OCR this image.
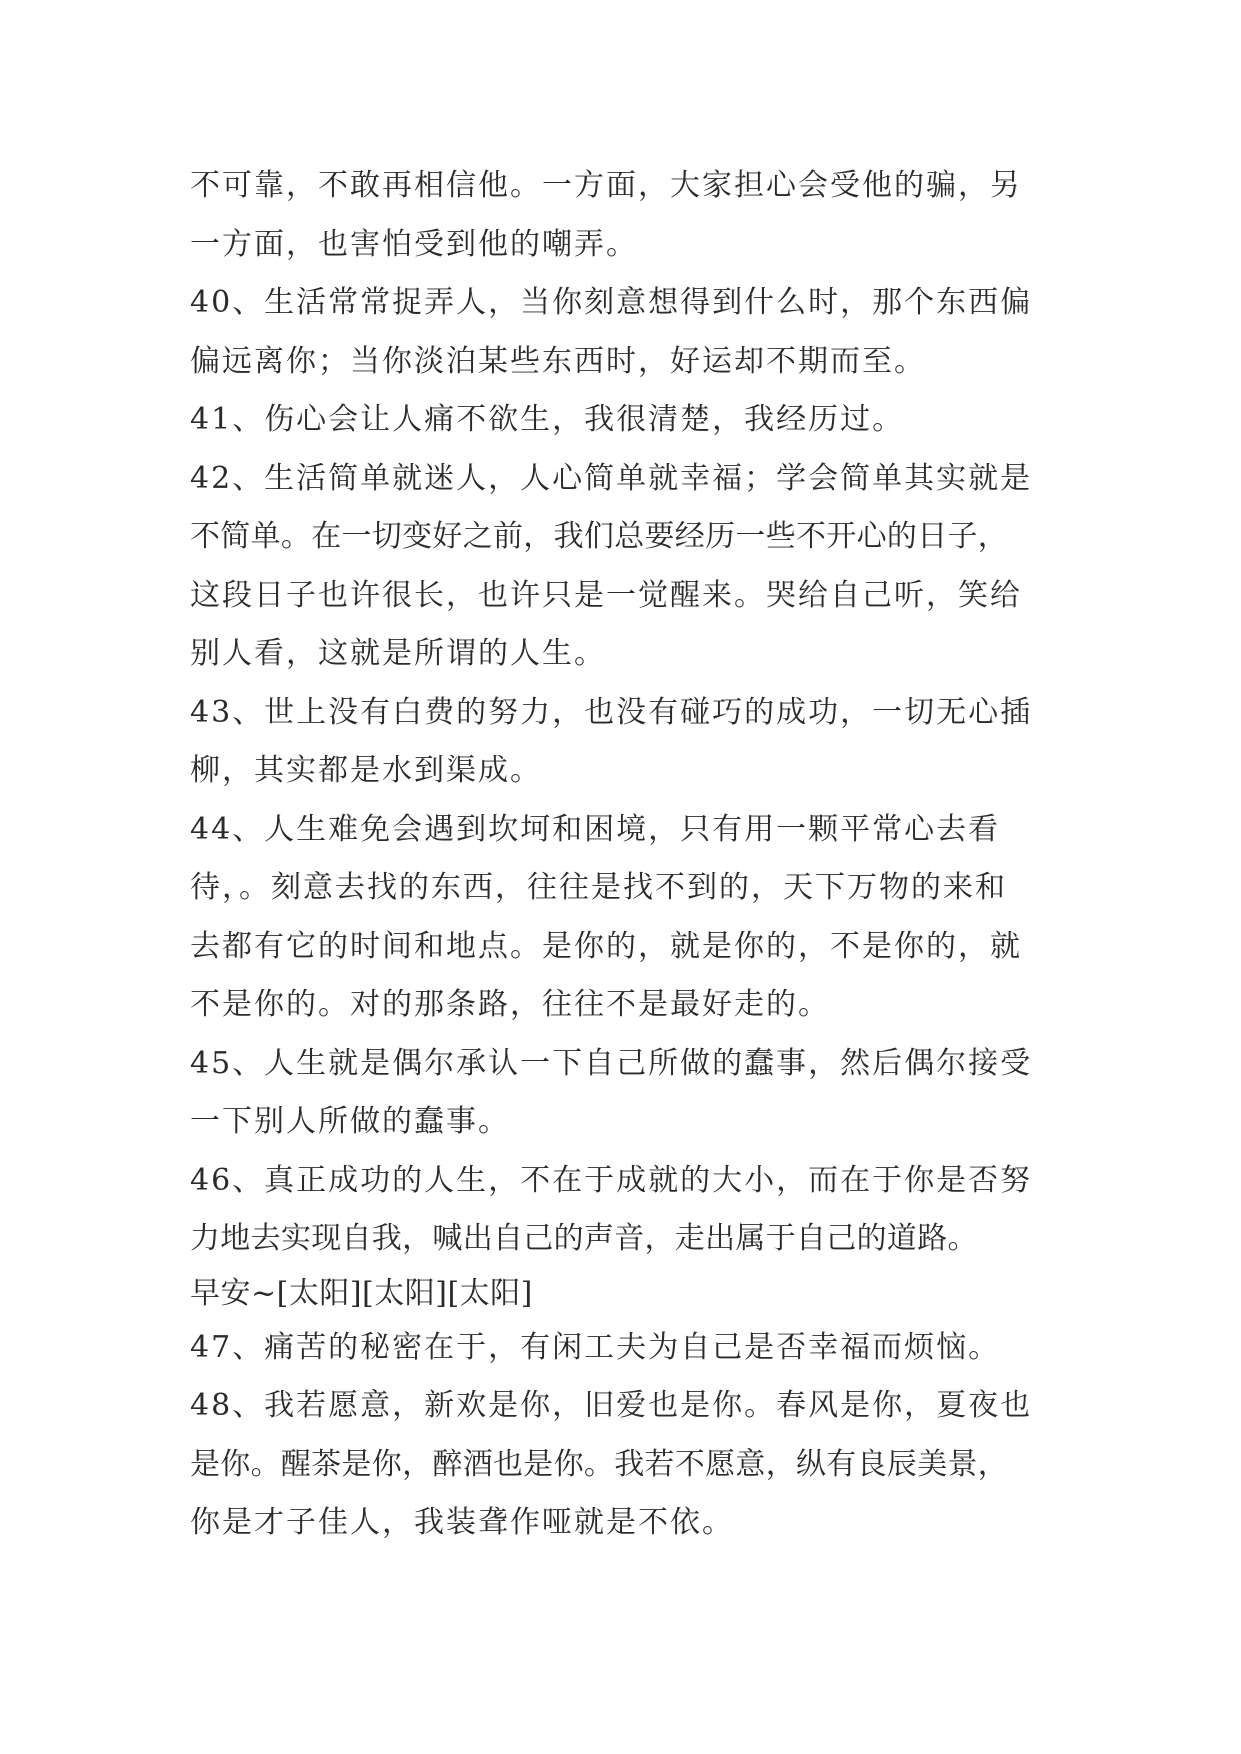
不可靠，不敢再相信他。一方面，大家担心会受他的骗，另
一方面，也害怕受到他的嘲弄。
40、生活常常捉弄人，当你刻意想得到什么时，那个东西偏
偏远离你；当你淡泊某些东西时，好运却不期而至。
41、伤心会让人痛不欲生，我很清楚，我经历过。
42、生活简单就迷人，人心简单就幸福；学会简单其实就是
不简单。在一切变好之前，我们总要经历一些不开心的日子，
这段日子也许很长，也许只是一觉醒来。哭给自己听，笑给
别人看，这就是所谓的人生。
43、世上没有白费的努力，也没有碰巧的成功，一切无心插
柳，其实都是水到渠成。
44、人生难免会遇到坎坷和困境，只有用一颗平常心去看
待，。刻意去找的东西，往往是找不到的，天下万物的来和
去都有它的时间和地点。是你的，就是你的，不是你的，就
不是你的。对的那条路，往往不是最好走的。
45、人生就是偶尔承认一下自己所做的蠢事，然后偶尔接受
一下别人所做的蠢事。
46、真正成功的人生，不在于成就的大小，而在于你是否努
力地去实现自我，喊出自己的声音，走出属于自己的道路。
早安~[太阳][太阳][太阳]
47、痛苦的秘密在于，有闲工夫为自己是否幸福而烦恼。
48、我若愿意，新欢是你，旧爱也是你。春风是你，夏夜也
是你。醒茶是你，醉酒也是你。我若不愿意，纵有良辰美景，
你是才子佳人，我装聋作哑就是不依。
